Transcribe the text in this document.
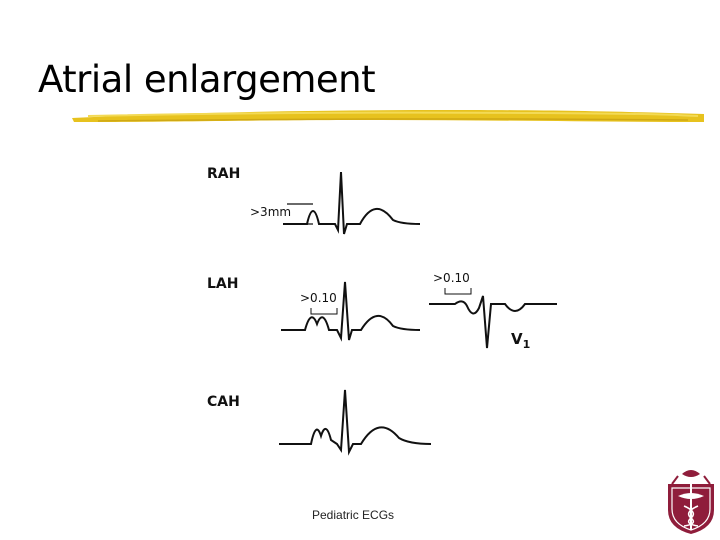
Atrial enlargement
RAH
>3mm
LAH
>0.10
>0.10
$V_1$
CAH
Pediatric ECGs
